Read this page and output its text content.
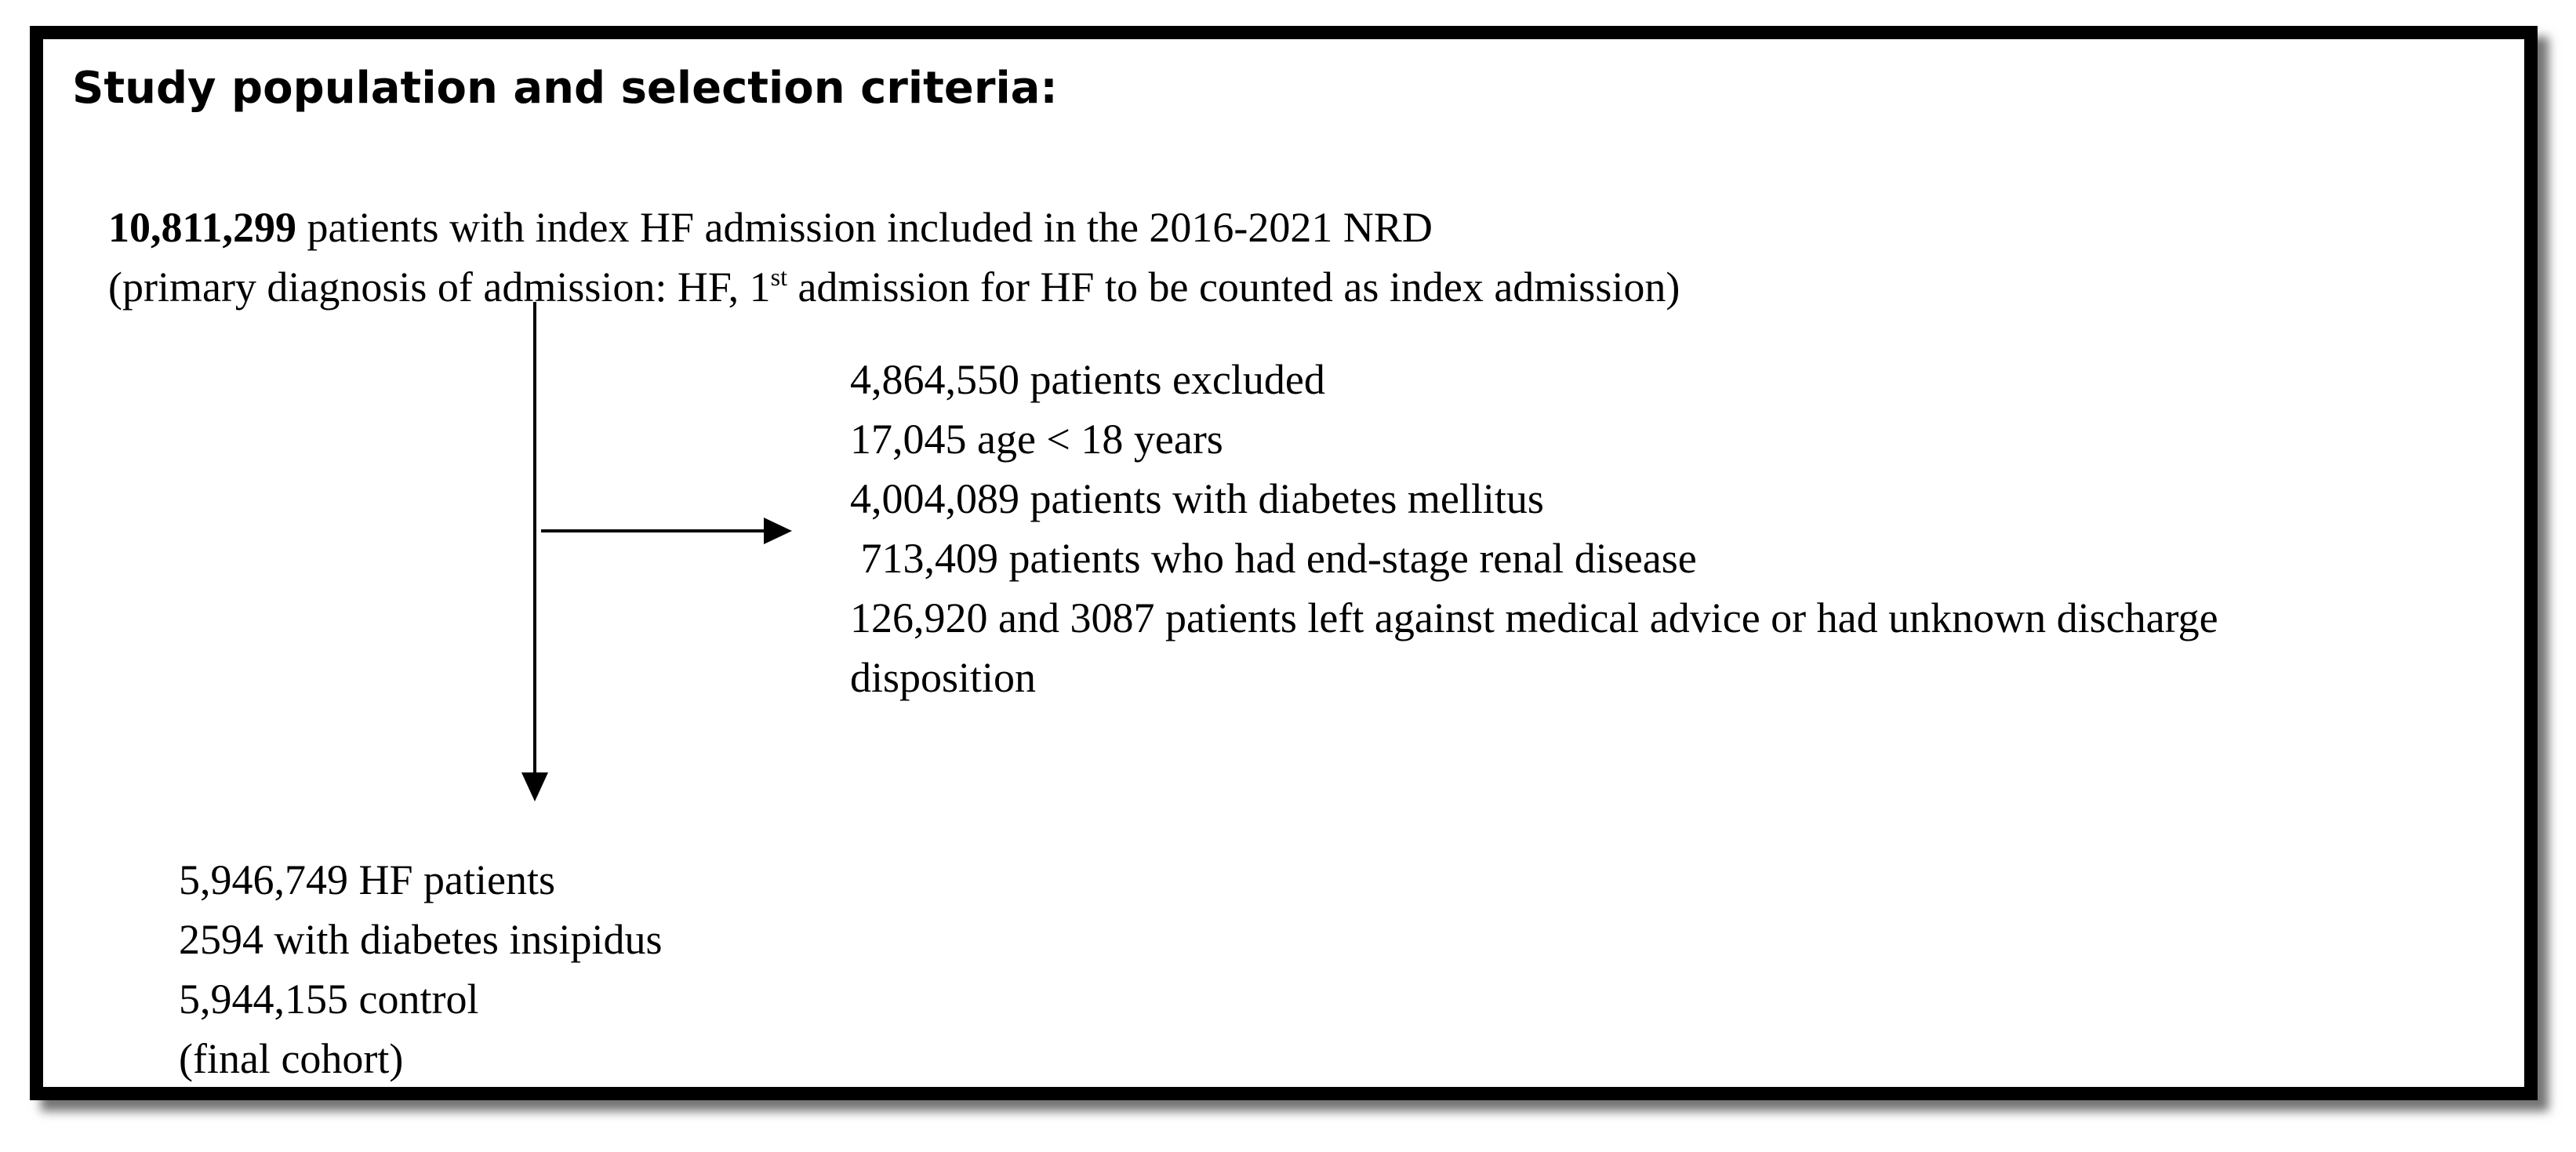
Study population and selection criteria:
10,811,299 patients with index HF admission included in the 2016-2021 NRD
(primary diagnosis of admission: HF, 1st admission for HF to be counted as index admission)
4,864,550 patients excluded
17,045 age < 18 years
4,004,089 patients with diabetes mellitus
713,409 patients who had end-stage renal disease
126,920 and 3087 patients left against medical advice or had unknown discharge
disposition
5,946,749 HF patients
2594 with diabetes insipidus
5,944,155 control
(final cohort)
